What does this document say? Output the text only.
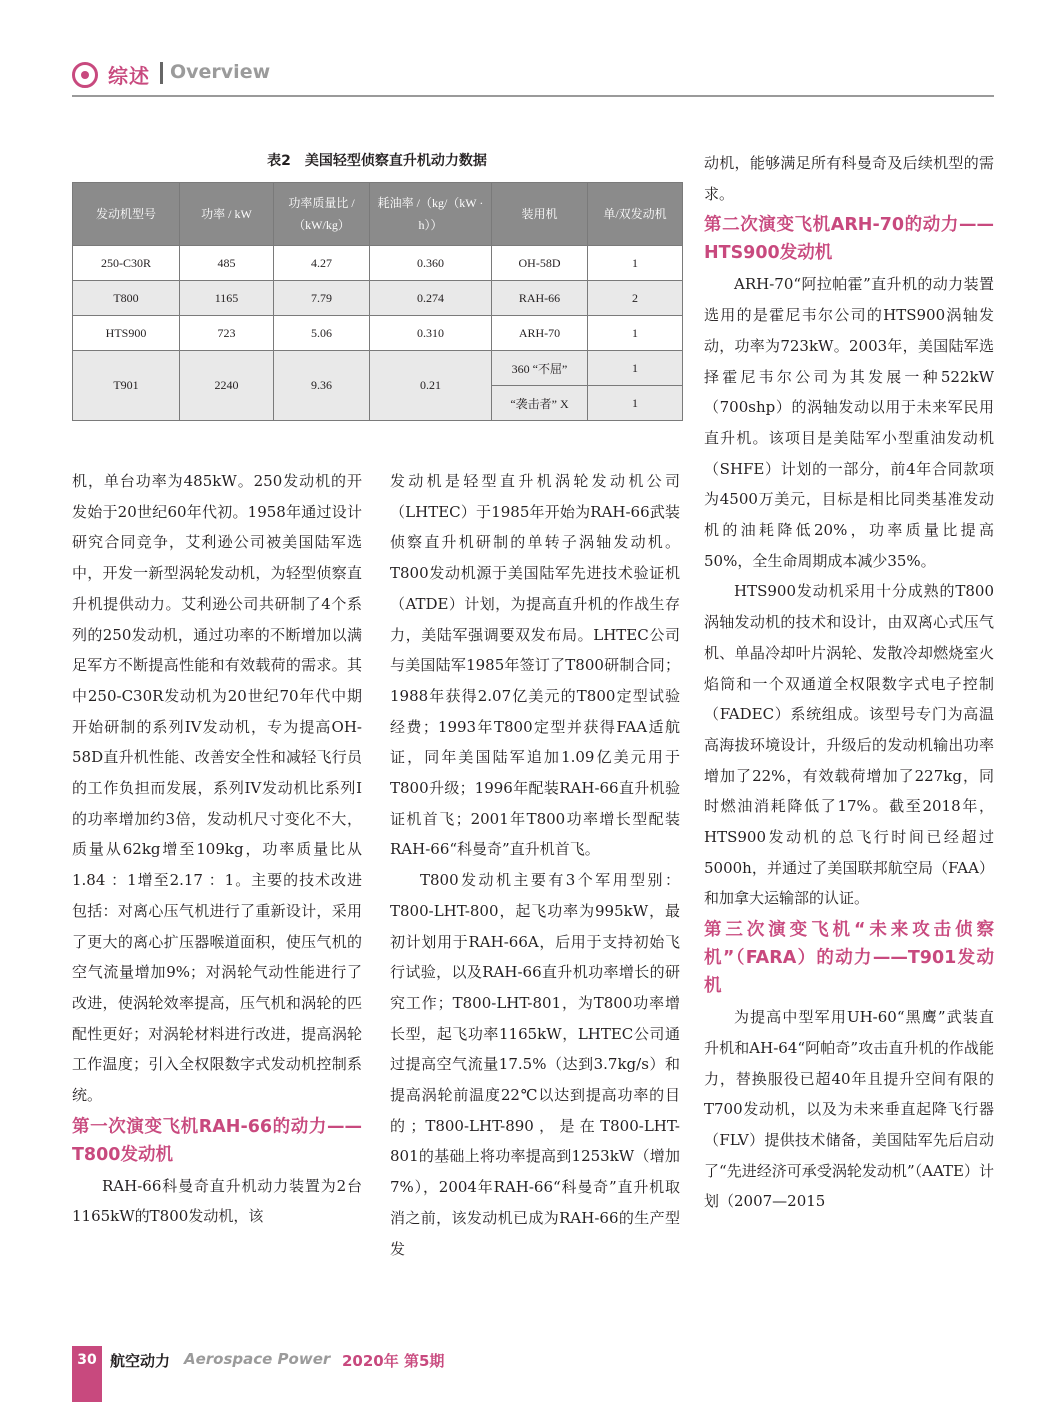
综述 Overview
表2　美国轻型侦察直升机动力数据
发动机型号	功率 / kW	功率质量比 /（kW/kg）	耗油率 /（kg/（kW · h））	装用机	单/双发动机
250-C30R	485	4.27	0.360	OH-58D	1
T800	1165	7.79	0.274	RAH-66	2
HTS900	723	5.06	0.310	ARH-70	1
T901	2240	9.36	0.21	360 “不屈”	1
				“袭击者” X	1

机，单台功率为485kW。250发动机的开发始于20世纪60年代初。1958年通过设计研究合同竞争，艾利逊公司被美国陆军选中，开发一新型涡轮发动机，为轻型侦察直升机提供动力。艾利逊公司共研制了4个系列的250发动机，通过功率的不断增加以满足军方不断提高性能和有效载荷的需求。其中250-C30R发动机为20世纪70年代中期开始研制的系列IV发动机，专为提高OH-58D直升机性能、改善安全性和减轻飞行员的工作负担而发展，系列IV发动机比系列I的功率增加约3倍，发动机尺寸变化不大，质量从62kg增至109kg，功率质量比从1.84 ：1增至2.17 ：1。主要的技术改进包括：对离心压气机进行了重新设计，采用了更大的离心扩压器喉道面积，使压气机的空气流量增加9%；对涡轮气动性能进行了改进，使涡轮效率提高，压气机和涡轮的匹配性更好；对涡轮材料进行改进，提高涡轮工作温度；引入全权限数字式发动机控制系统。

第一次演变飞机RAH-66的动力——T800发动机

RAH-66科曼奇直升机动力装置为2台1165kW的T800发动机，该

发动机是轻型直升机涡轮发动机公司（LHTEC）于1985年开始为RAH-66武装侦察直升机研制的单转子涡轴发动机。T800发动机源于美国陆军先进技术验证机（ATDE）计划，为提高直升机的作战生存力，美陆军强调要双发布局。LHTEC公司与美国陆军1985年签订了T800研制合同；1988年获得2.07亿美元的T800定型试验经费；1993年T800定型并获得FAA适航证，同年美国陆军追加1.09亿美元用于T800升级；1996年配装RAH-66直升机验证机首飞；2001年T800功率增长型配装RAH-66“科曼奇”直升机首飞。

T800发动机主要有3个军用型别：T800-LHT-800，起飞功率为995kW，最初计划用于RAH-66A，后用于支持初始飞行试验，以及RAH-66直升机功率增长的研究工作；T800-LHT-801，为T800功率增长型，起飞功率1165kW，LHTEC公司通过提高空气流量17.5%（达到3.7kg/s）和提高涡轮前温度22℃以达到提高功率的目的；T800-LHT-890，是在T800-LHT-801的基础上将功率提高到1253kW（增加7%），2004年RAH-66“科曼奇”直升机取消之前，该发动机已成为RAH-66的生产型发

动机，能够满足所有科曼奇及后续机型的需求。

第二次演变飞机ARH-70的动力——HTS900发动机

ARH-70“阿拉帕霍”直升机的动力装置选用的是霍尼韦尔公司的HTS900涡轴发动，功率为723kW。2003年，美国陆军选择霍尼韦尔公司为其发展一种522kW（700shp）的涡轴发动以用于未来军民用直升机。该项目是美陆军小型重油发动机（SHFE）计划的一部分，前4年合同款项为4500万美元，目标是相比同类基准发动机的油耗降低20%，功率质量比提高50%，全生命周期成本减少35%。

HTS900发动机采用十分成熟的T800涡轴发动机的技术和设计，由双离心式压气机、单晶冷却叶片涡轮、发散冷却燃烧室火焰筒和一个双通道全权限数字式电子控制（FADEC）系统组成。该型号专门为高温高海拔环境设计，升级后的发动机输出功率增加了22%，有效载荷增加了227kg，同时燃油消耗降低了17%。截至2018年，HTS900发动机的总飞行时间已经超过5000h，并通过了美国联邦航空局（FAA）和加拿大运输部的认证。

第三次演变飞机“未来攻击侦察机”（FARA）的动力——T901发动机

为提高中型军用UH-60“黑鹰”武装直升机和AH-64“阿帕奇”攻击直升机的作战能力，替换服役已超40年且提升空间有限的T700发动机，以及为未来垂直起降飞行器（FLV）提供技术储备，美国陆军先后启动了“先进经济可承受涡轮发动机”（AATE）计划（2007—2015

30 航空动力 Aerospace Power 2020年 第5期
